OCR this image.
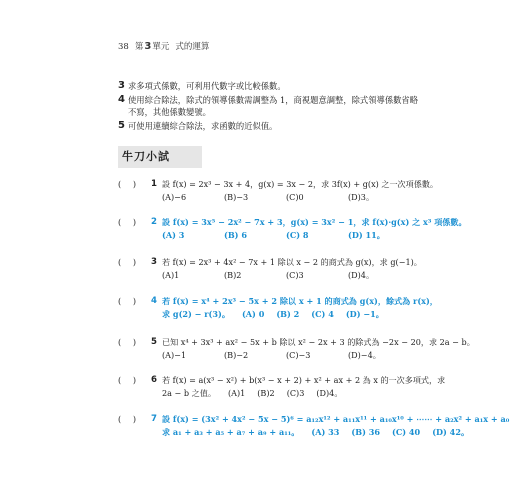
38 第3單元 式的運算
3 求多項式係數，可利用代數字或比較係數。
4 使用綜合除法，除式的領導係數需調整為 1，商視題意調整，除式領導係數省略不寫，其他係數變號。
5 可使用連續綜合除法，求函數的近似值。
牛刀小試
( ) 1 設 f(x) = 2x³ − 3x + 4，g(x) = 3x − 2，求 3f(x) + g(x) 之一次項係數。
(A)−6	(B)−3	(C)0	(D)3。
( ) 2 設 f(x) = 3x⁵ − 2x² − 7x + 3，g(x) = 3x² − 1，求 f(x)·g(x) 之 x³ 項係數。
(A) 3	(B) 6	(C) 8	(D) 11。
( ) 3 若 f(x) = 2x³ + 4x² − 7x + 1 除以 x − 2 的商式為 g(x)，求 g(−1)。
(A)1	(B)2	(C)3	(D)4。
( ) 4 若 f(x) = x⁴ + 2x³ − 5x + 2 除以 x + 1 的商式為 g(x)，餘式為 r(x)，
求 g(2) − r(3)。 (A) 0 (B) 2 (C) 4 (D) −1。
( ) 5 已知 x⁴ + 3x³ + ax² − 5x + b 除以 x² − 2x + 3 的除式為 −2x − 20，求 2a − b。
(A)−1	(B)−2	(C)−3	(D)−4。
( ) 6 若 f(x) = a(x³ − x²) + b(x³ − x + 2) + x² + ax + 2 為 x 的一次多項式，求
2a − b 之值。 (A)1 (B)2 (C)3 (D)4。
( ) 7 設 f(x) = (3x² + 4x² − 5x − 5)⁶ = a₁₂x¹² + a₁₁x¹¹ + a₁₀x¹⁰ + ⋯⋯ + a₂x² + a₁x + a₀
求 a₁ + a₃ + a₅ + a₇ + a₉ + a₁₁。 (A) 33 (B) 36 (C) 40 (D) 42。
